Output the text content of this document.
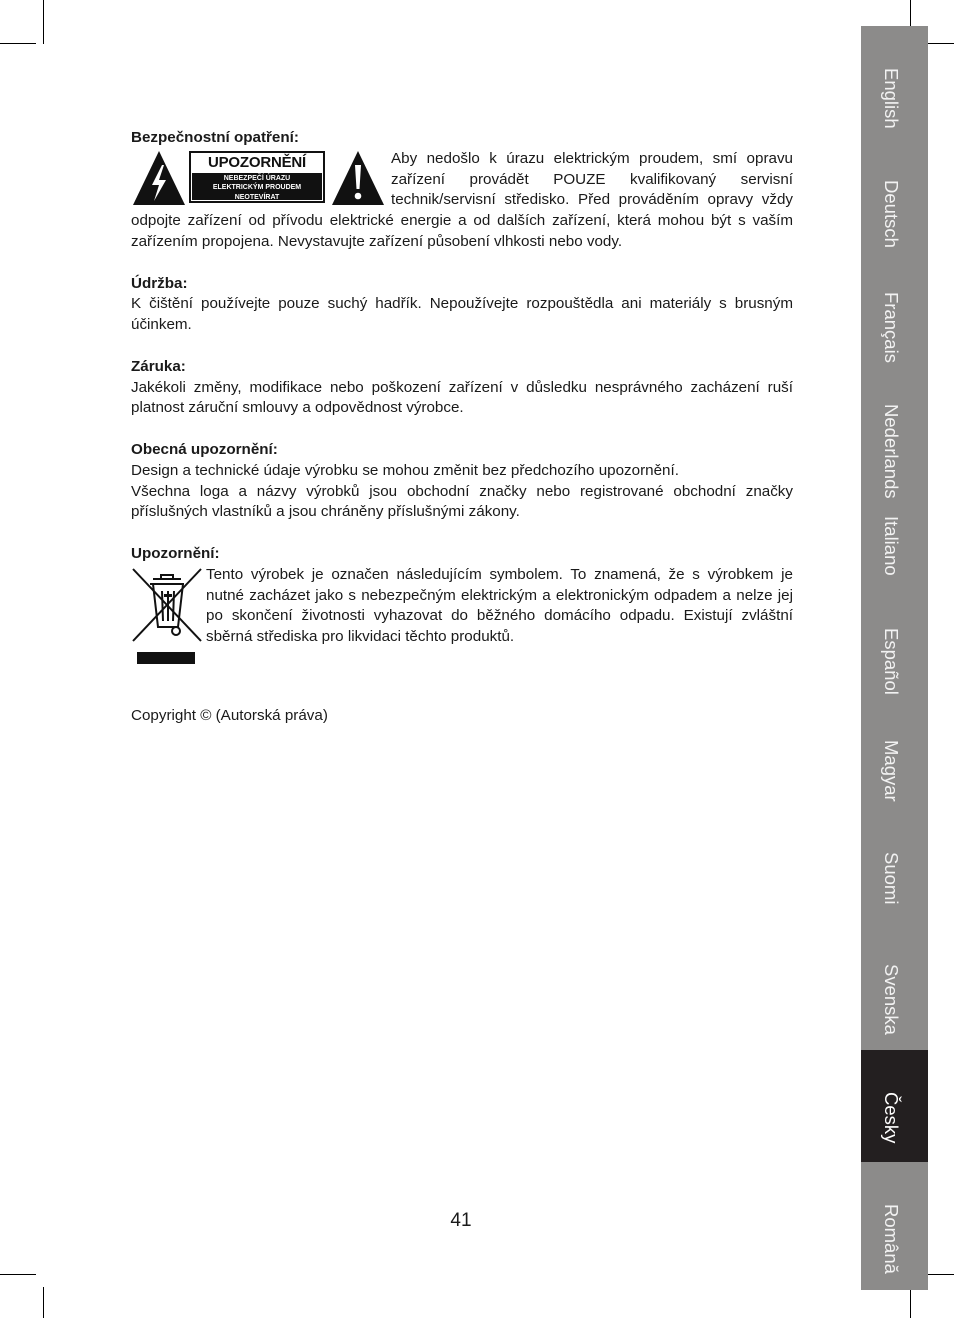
Bezpečnostní opatření:
UPOZORNĚNÍ
NEBEZPEČÍ ÚRAZU
ELEKTRICKÝM PROUDEM
NEOTEVÍRAT
Aby nedošlo k úrazu elektrickým proudem, smí opravu zařízení provádět POUZE kvalifikovaný servisní technik/servisní středisko. Před prováděním opravy vždy odpojte zařízení od přívodu elektrické energie a od dalších zařízení, která mohou být s vaším zařízením propojena. Nevystavujte zařízení působení vlhkosti nebo vody.
Údržba:
K čištění používejte pouze suchý hadřík. Nepoužívejte rozpouštědla ani materiály s brusným účinkem.
Záruka:
Jakékoli změny, modifikace nebo poškození zařízení v důsledku nesprávného zacházení ruší platnost záruční smlouvy a odpovědnost výrobce.
Obecná upozornění:
Design a technické údaje výrobku se mohou změnit bez předchozího upozornění.
Všechna loga a názvy výrobků jsou obchodní značky nebo registrované obchodní značky příslušných vlastníků a jsou chráněny příslušnými zákony.
Upozornění:
Tento výrobek je označen následujícím symbolem. To znamená, že s výrobkem je nutné zacházet jako s nebezpečným elektrickým a elektronickým odpadem a nelze jej po skončení životnosti vyhazovat do běžného domácího odpadu. Existují zvláštní sběrná střediska pro likvidaci těchto produktů.
Copyright © (Autorská práva)
41
English
Deutsch
Français
Nederlands
Italiano
Español
Magyar
Suomi
Svenska
Česky
Română
